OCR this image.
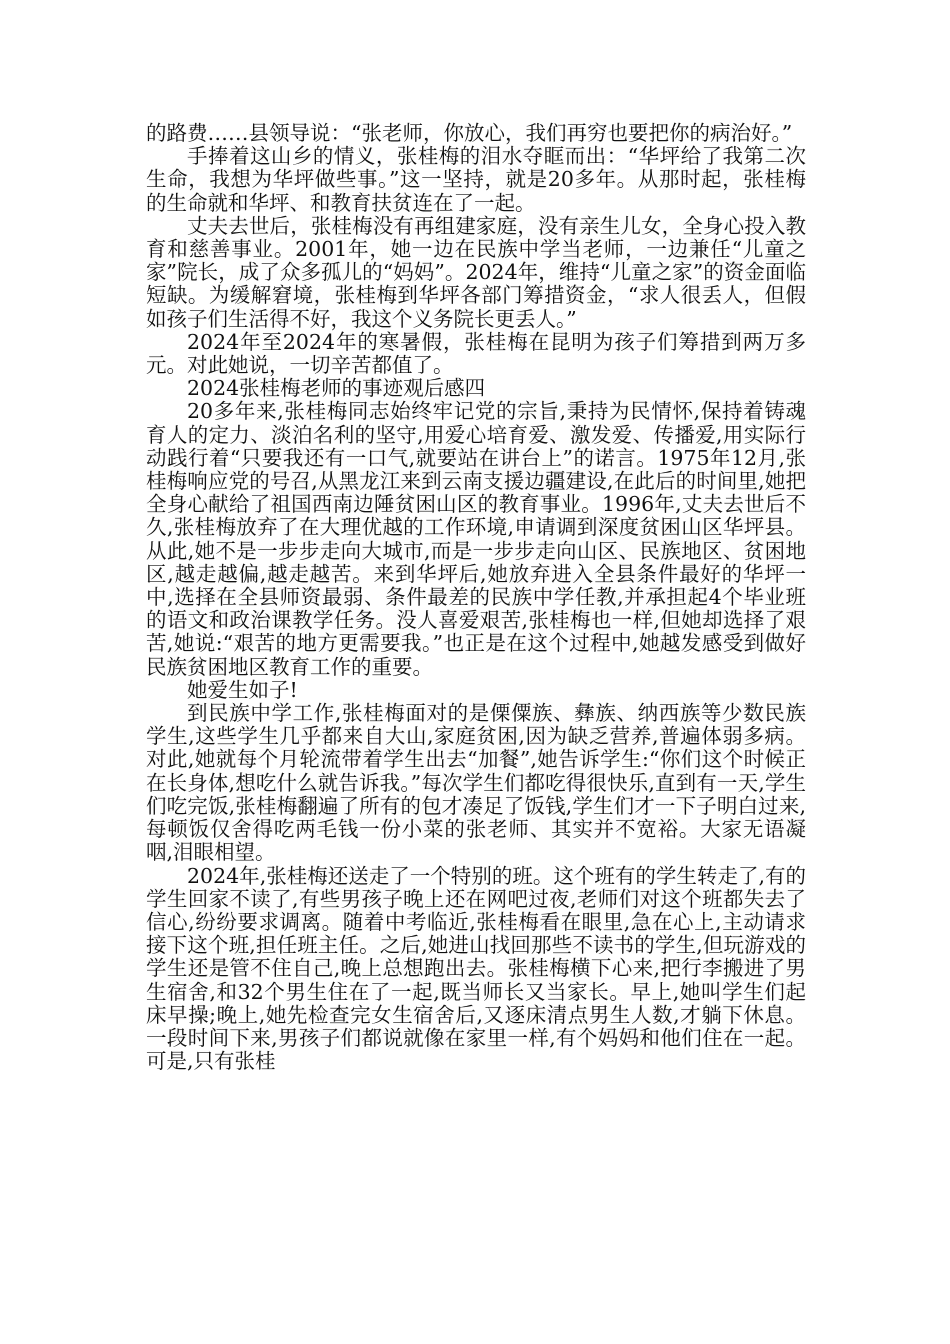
的路费……县领导说：“张老师，你放心，我们再穷也要把你的病治好。”

手捧着这山乡的情义，张桂梅的泪水夺眶而出：“华坪给了我第二次生命，我想为华坪做些事。”这一坚持，就是20多年。从那时起，张桂梅的生命就和华坪、和教育扶贫连在了一起。

丈夫去世后，张桂梅没有再组建家庭，没有亲生儿女，全身心投入教育和慈善事业。2001年，她一边在民族中学当老师，一边兼任“儿童之家”院长，成了众多孤儿的“妈妈”。2024年，维持“儿童之家”的资金面临短缺。为缓解窘境，张桂梅到华坪各部门筹措资金，“求人很丢人，但假如孩子们生活得不好，我这个义务院长更丢人。”

2024年至2024年的寒暑假，张桂梅在昆明为孩子们筹措到两万多元。对此她说，一切辛苦都值了。

2024张桂梅老师的事迹观后感四

20多年来,张桂梅同志始终牢记党的宗旨,秉持为民情怀,保持着铸魂育人的定力、淡泊名利的坚守,用爱心培育爱、激发爱、传播爱,用实际行动践行着“只要我还有一口气,就要站在讲台上”的诺言。1975年12月,张桂梅响应党的号召,从黑龙江来到云南支援边疆建设,在此后的时间里,她把全身心献给了祖国西南边陲贫困山区的教育事业。1996年,丈夫去世后不久,张桂梅放弃了在大理优越的工作环境,申请调到深度贫困山区华坪县。从此,她不是一步步走向大城市,而是一步步走向山区、民族地区、贫困地区,越走越偏,越走越苦。来到华坪后,她放弃进入全县条件最好的华坪一中,选择在全县师资最弱、条件最差的民族中学任教,并承担起4个毕业班的语文和政治课教学任务。没人喜爱艰苦,张桂梅也一样,但她却选择了艰苦,她说:“艰苦的地方更需要我。”也正是在这个过程中,她越发感受到做好民族贫困地区教育工作的重要。

她爱生如子!

到民族中学工作,张桂梅面对的是傈僳族、彝族、纳西族等少数民族学生,这些学生几乎都来自大山,家庭贫困,因为缺乏营养,普遍体弱多病。对此,她就每个月轮流带着学生出去“加餐”,她告诉学生:“你们这个时候正在长身体,想吃什么就告诉我。”每次学生们都吃得很快乐,直到有一天,学生们吃完饭,张桂梅翻遍了所有的包才凑足了饭钱,学生们才一下子明白过来,每顿饭仅舍得吃两毛钱一份小菜的张老师、其实并不宽裕。大家无语凝咽,泪眼相望。

2024年,张桂梅还送走了一个特别的班。这个班有的学生转走了,有的学生回家不读了,有些男孩子晚上还在网吧过夜,老师们对这个班都失去了信心,纷纷要求调离。随着中考临近,张桂梅看在眼里,急在心上,主动请求接下这个班,担任班主任。之后,她进山找回那些不读书的学生,但玩游戏的学生还是管不住自己,晚上总想跑出去。张桂梅横下心来,把行李搬进了男生宿舍,和32个男生住在了一起,既当师长又当家长。早上,她叫学生们起床早操;晚上,她先检查完女生宿舍后,又逐床清点男生人数,才躺下休息。一段时间下来,男孩子们都说就像在家里一样,有个妈妈和他们住在一起。可是,只有张桂
